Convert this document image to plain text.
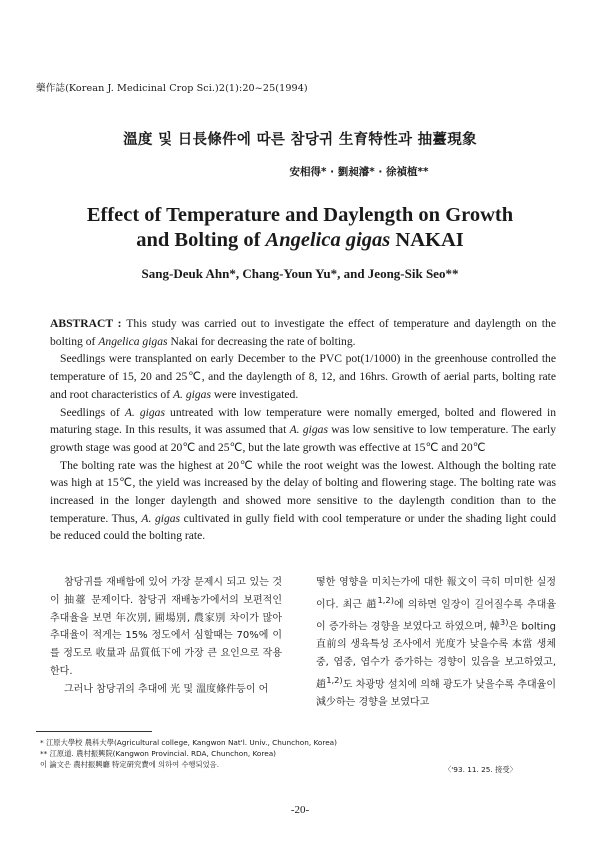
藥作誌(Korean J. Medicinal Crop Sci.)2(1):20~25(1994)
溫度 및 日長條件에 따른 참당귀 生育特性과 抽薹現象
安相得* · 劉昶濬* · 徐禎植**
Effect of Temperature and Daylength on Growth
and Bolting of Angelica gigas NAKAI
Sang-Deuk Ahn*, Chang-Youn Yu*, and Jeong-Sik Seo**

ABSTRACT : This study was carried out to investigate the effect of temperature and daylength on the bolting of Angelica gigas Nakai for decreasing the rate of bolting.

Seedlings were transplanted on early December to the PVC pot(1/1000) in the greenhouse controlled the temperature of 15, 20 and 25℃, and the daylength of 8, 12, and 16hrs. Growth of aerial parts, bolting rate and root characteristics of A. gigas were investigated.

Seedlings of A. gigas untreated with low temperature were nomally emerged, bolted and flowered in maturing stage. In this results, it was assumed that A. gigas was low sensitive to low temperature. The early growth stage was good at 20℃ and 25℃, but the late growth was effective at 15℃ and 20℃

The bolting rate was the highest at 20℃ while the root weight was the lowest. Although the bolting rate was high at 15℃, the yield was increased by the delay of bolting and flowering stage. The bolting rate was increased in the longer daylength and showed more sensitive to the daylength condition than to the temperature. Thus, A. gigas cultivated in gully field with cool temperature or under the shading light could be reduced could the bolting rate.

참당귀를 재배함에 있어 가장 문제시 되고 있는 것이 抽薹 문제이다. 참당귀 재배농가에서의 보편적인 추대율을 보면 年次別, 圃場別, 農家別 차이가 많아 추대율이 적게는 15% 정도에서 심할때는 70%에 이를 정도로 收量과 品質低下에 가장 큰 요인으로 작용한다.

그러나 참당귀의 추대에 光 및 溫度條件등이 어

떻한 영향을 미치는가에 대한 報文이 극히 미미한 실정이다. 최근 趙$^{1,2)}$에 의하면 일장이 길어질수록 추대율이 증가하는 경향을 보였다고 하였으며, 韓$^{3)}$은 bolting 直前의 생육특성 조사에서 光度가 낮을수록 本當 생체중, 엽중, 엽수가 증가하는 경향이 있음을 보고하였고, 趙$^{1,2)}$도 차광망 설치에 의해 광도가 낮을수록 추대율이 減少하는 경향을 보였다고

* 江原大學校 農科大學(Agricultural college, Kangwon Nat'l. Univ., Chunchon, Korea)
** 江原道. 農村振興院(Kangwon Provincial. RDA, Chunchon, Korea)
이 論文은 農村振興廳 特定硏究費에 의하여 수행되었음.
〈'93. 11. 25. 接受〉
-20-
